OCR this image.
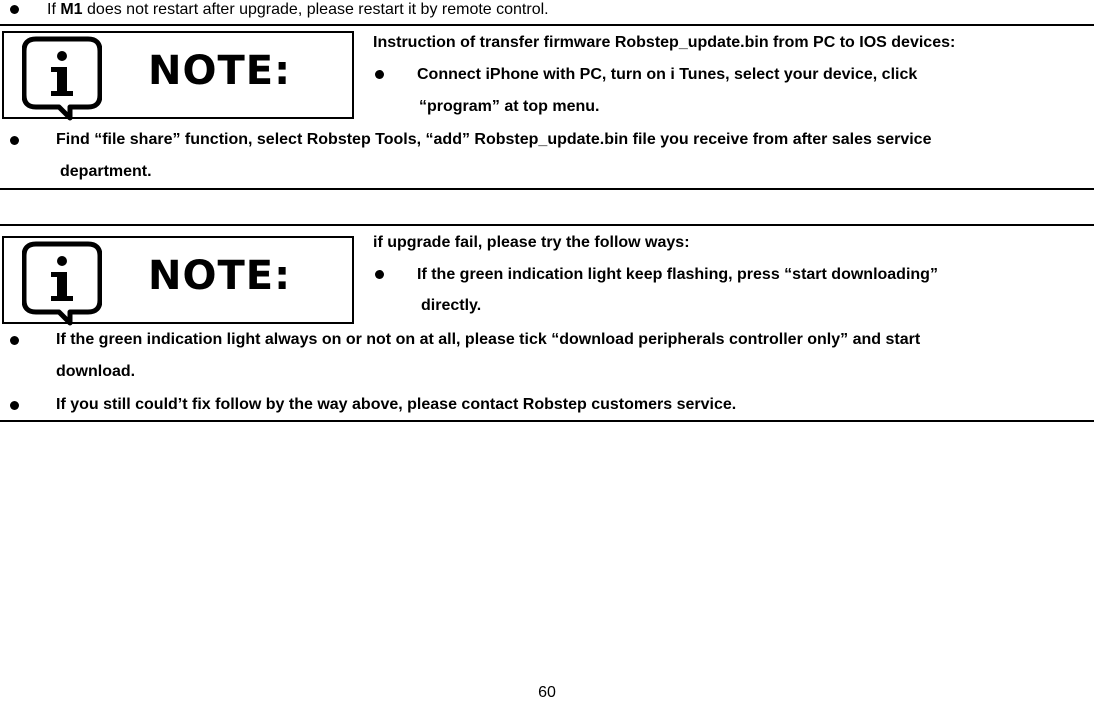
If M1 does not restart after upgrade, please restart it by remote control.
NOTE:
Instruction of transfer firmware Robstep_update.bin from PC to IOS devices:
Connect iPhone with PC, turn on i Tunes, select your device, click
“program” at top menu.
Find “file share” function, select Robstep Tools, “add” Robstep_update.bin file you receive from after sales service
department.
NOTE:
if upgrade fail, please try the follow ways:
If the green indication light keep flashing, press “start downloading”
directly.
If the green indication light always on or not on at all, please tick “download peripherals controller only” and start
download.
If you still could’t fix follow by the way above, please contact Robstep customers service.
60
